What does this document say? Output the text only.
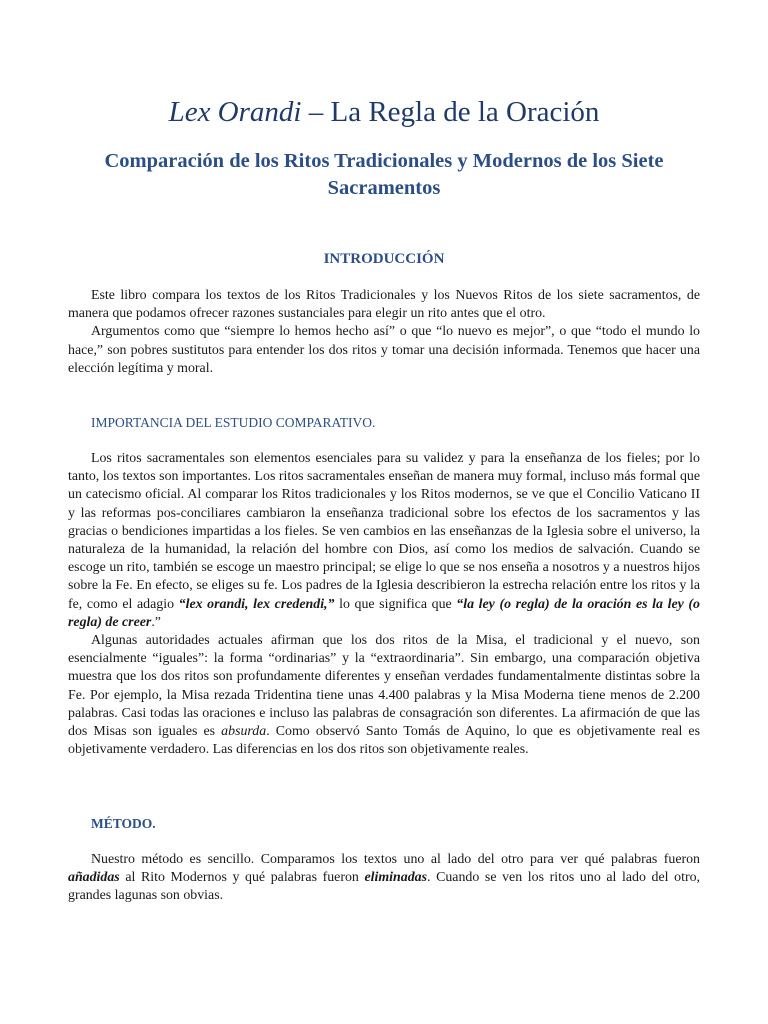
Lex Orandi – La Regla de la Oración
Comparación de los Ritos Tradicionales y Modernos de los Siete Sacramentos
INTRODUCCIÓN

Este libro compara los textos de los Ritos Tradicionales y los Nuevos Ritos de los siete sacramentos, de manera que podamos ofrecer razones sustanciales para elegir un rito antes que el otro.

Argumentos como que “siempre lo hemos hecho así” o que “lo nuevo es mejor”, o que “todo el mundo lo hace,” son pobres sustitutos para entender los dos ritos y tomar una decisión informada. Tenemos que hacer una elección legítima y moral.

IMPORTANCIA DEL ESTUDIO COMPARATIVO.

Los ritos sacramentales son elementos esenciales para su validez y para la enseñanza de los fieles; por lo tanto, los textos son importantes. Los ritos sacramentales enseñan de manera muy formal, incluso más formal que un catecismo oficial. Al comparar los Ritos tradicionales y los Ritos modernos, se ve que el Concilio Vaticano II y las reformas pos-conciliares cambiaron la enseñanza tradicional sobre los efectos de los sacramentos y las gracias o bendiciones impartidas a los fieles. Se ven cambios en las enseñanzas de la Iglesia sobre el universo, la naturaleza de la humanidad, la relación del hombre con Dios, así como los medios de salvación. Cuando se escoge un rito, también se escoge un maestro principal; se elige lo que se nos enseña a nosotros y a nuestros hijos sobre la Fe. En efecto, se eliges su fe. Los padres de la Iglesia describieron la estrecha relación entre los ritos y la fe, como el adagio “lex orandi, lex credendi,” lo que significa que “la ley (o regla) de la oración es la ley (o regla) de creer.”

Algunas autoridades actuales afirman que los dos ritos de la Misa, el tradicional y el nuevo, son esencialmente “iguales”: la forma “ordinarias” y la “extraordinaria”. Sin embargo, una comparación objetiva muestra que los dos ritos son profundamente diferentes y enseñan verdades fundamentalmente distintas sobre la Fe. Por ejemplo, la Misa rezada Tridentina tiene unas 4.400 palabras y la Misa Moderna tiene menos de 2.200 palabras. Casi todas las oraciones e incluso las palabras de consagración son diferentes. La afirmación de que las dos Misas son iguales es absurda. Como observó Santo Tomás de Aquino, lo que es objetivamente real es objetivamente verdadero. Las diferencias en los dos ritos son objetivamente reales.

MÉTODO.

Nuestro método es sencillo. Comparamos los textos uno al lado del otro para ver qué palabras fueron añadidas al Rito Modernos y qué palabras fueron eliminadas. Cuando se ven los ritos uno al lado del otro, grandes lagunas son obvias.
